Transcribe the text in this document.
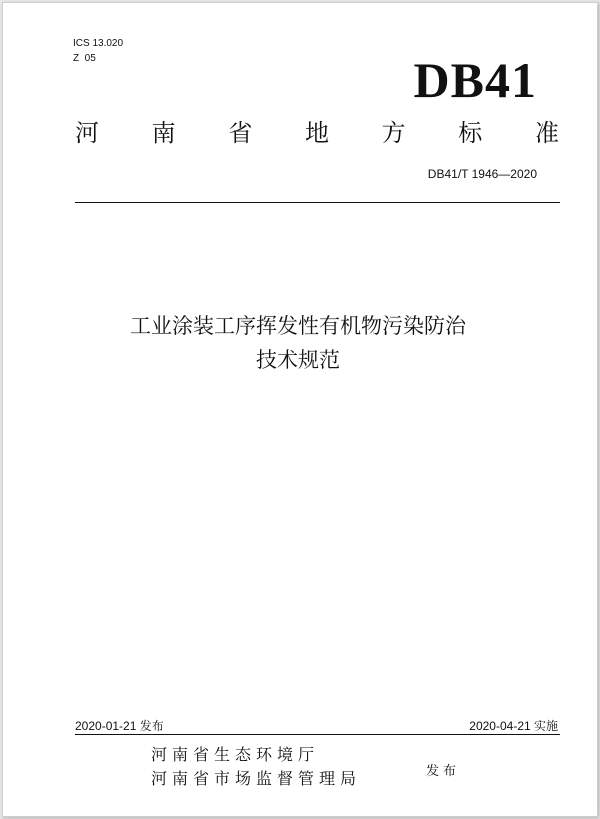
ICS 13.020
Z  05	DB41
河 南 省 地 方 标 准
DB41/T 1946—2020
工业涂装工序挥发性有机物污染防治
技术规范
2020-01-21 发布	2020-04-21 实施
河南省生态环境厅
河南省市场监督管理局	发布
